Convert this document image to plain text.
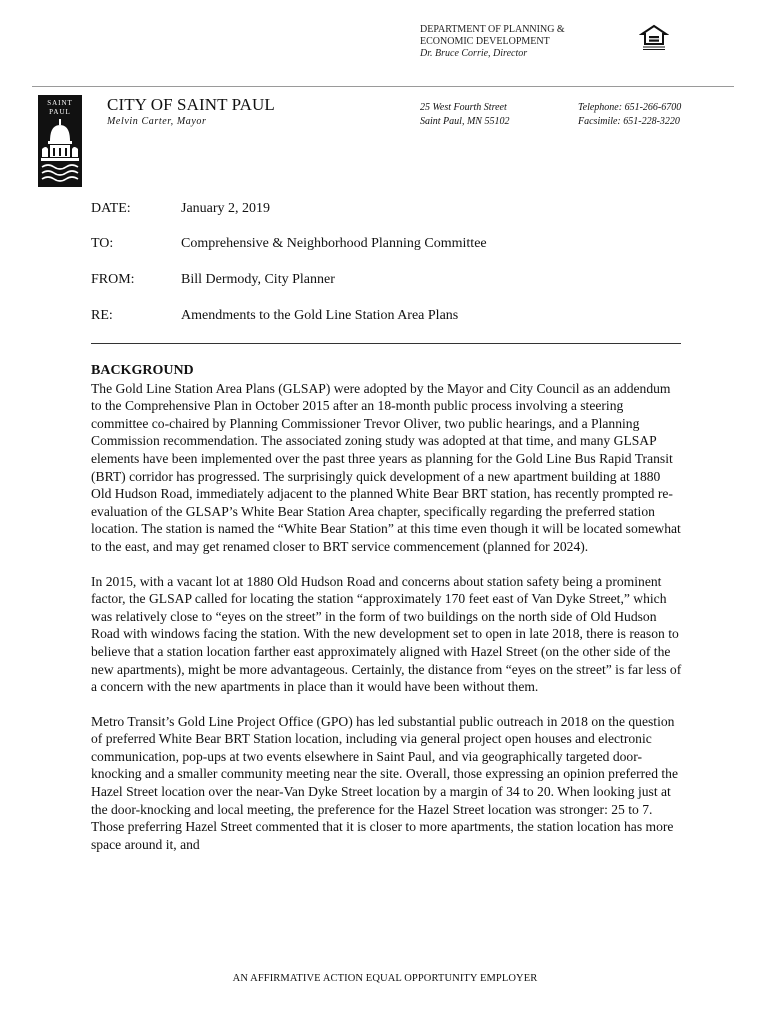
DEPARTMENT OF PLANNING &
ECONOMIC DEVELOPMENT
Dr. Bruce Corrie, Director
SAINT
PAUL CITY OF SAINT PAUL
Melvin Carter, Mayor
25 West Fourth Street
Saint Paul, MN 55102
Telephone: 651-266-6700
Facsimile: 651-228-3220
DATE:	January 2, 2019
TO:	Comprehensive & Neighborhood Planning Committee
FROM:	Bill Dermody, City Planner
RE:	Amendments to the Gold Line Station Area Plans
BACKGROUND

The Gold Line Station Area Plans (GLSAP) were adopted by the Mayor and City Council as an addendum to the Comprehensive Plan in October 2015 after an 18-month public process involving a steering committee co-chaired by Planning Commissioner Trevor Oliver, two public hearings, and a Planning Commission recommendation. The associated zoning study was adopted at that time, and many GLSAP elements have been implemented over the past three years as planning for the Gold Line Bus Rapid Transit (BRT) corridor has progressed. The surprisingly quick development of a new apartment building at 1880 Old Hudson Road, immediately adjacent to the planned White Bear BRT station, has recently prompted re-evaluation of the GLSAP’s White Bear Station Area chapter, specifically regarding the preferred station location. The station is named the “White Bear Station” at this time even though it will be located somewhat to the east, and may get renamed closer to BRT service commencement (planned for 2024).

In 2015, with a vacant lot at 1880 Old Hudson Road and concerns about station safety being a prominent factor, the GLSAP called for locating the station “approximately 170 feet east of Van Dyke Street,” which was relatively close to “eyes on the street” in the form of two buildings on the north side of Old Hudson Road with windows facing the station. With the new development set to open in late 2018, there is reason to believe that a station location farther east approximately aligned with Hazel Street (on the other side of the new apartments), might be more advantageous. Certainly, the distance from “eyes on the street” is far less of a concern with the new apartments in place than it would have been without them.

Metro Transit’s Gold Line Project Office (GPO) has led substantial public outreach in 2018 on the question of preferred White Bear BRT Station location, including via general project open houses and electronic communication, pop-ups at two events elsewhere in Saint Paul, and via geographically targeted door-knocking and a smaller community meeting near the site. Overall, those expressing an opinion preferred the Hazel Street location over the near-Van Dyke Street location by a margin of 34 to 20. When looking just at the door-knocking and local meeting, the preference for the Hazel Street location was stronger: 25 to 7. Those preferring Hazel Street commented that it is closer to more apartments, the station location has more space around it, and

AN AFFIRMATIVE ACTION EQUAL OPPORTUNITY EMPLOYER
